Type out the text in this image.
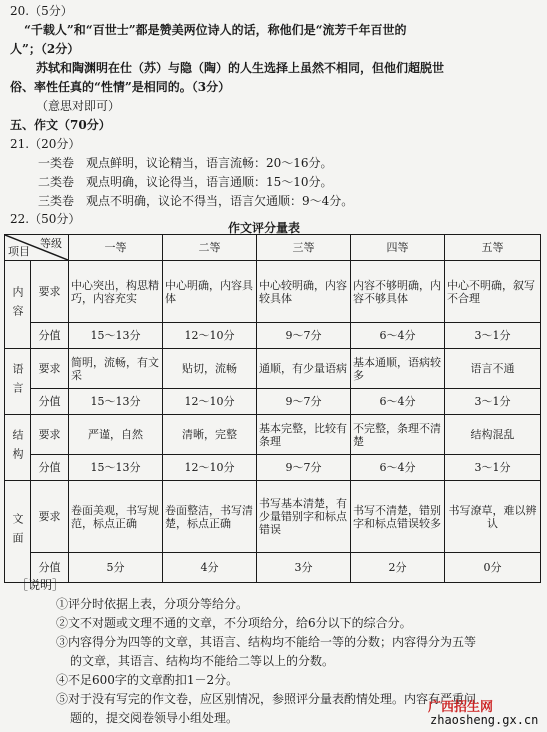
20.（5分）
“千载人”和“百世士”都是赞美两位诗人的话，称他们是“流芳千年百世的
人”；（2分）
苏轼和陶渊明在仕（苏）与隐（陶）的人生选择上虽然不相同，但他们超脱世
俗、率性任真的“性情”是相同的。（3分）
（意思对即可）
五、作文（70分）
21.（20分）
一类卷　观点鲜明，议论精当，语言流畅：20～16分。
二类卷　观点明确，议论得当，语言通顺：15～10分。
三类卷　观点不明确，议论不得当，语言欠通顺：9～4分。
22.（50分）
作文评分量表
等级
项目		一等	二等	三等	四等	五等

内容	要求	中心突出，构思精巧，内容充实	中心明确，内容具体	中心较明确，内容较具体	内容不够明确，内容不够具体	中心不明确，叙写不合理
	分值	15～13分	12～10分	9～7分	6～4分	3～1分

语言	要求	简明，流畅，有文采	贴切，流畅	通顺，有少量语病	基本通顺，语病较多	语言不通
	分值	15～13分	12～10分	9～7分	6～4分	3～1分

结构	要求	严谨，自然	清晰，完整	基本完整，比较有条理	不完整，条理不清楚	结构混乱
	分值	15～13分	12～10分	9～7分	6～4分	3～1分

文面	要求	卷面美观，书写规范，标点正确	卷面整洁，书写清楚，标点正确	书写基本清楚，有少量错别字和标点错误	书写不清楚，错别字和标点错误较多	书写潦草，难以辨认
	分值	5分	4分	3分	2分	0分
［说明］
①评分时依据上表，分项分等给分。
②文不对题或文理不通的文章，不分项给分，给6分以下的综合分。
③内容得分为四等的文章，其语言、结构均不能给一等的分数；内容得分为五等
的文章，其语言、结构均不能给二等以上的分数。
④不足600字的文章酌扣1－2分。
⑤对于没有写完的作文卷，应区别情况，参照评分量表酌情处理。内容有严重问
题的，提交阅卷领导小组处理。
广西招生网
zhaosheng.gx.cn
